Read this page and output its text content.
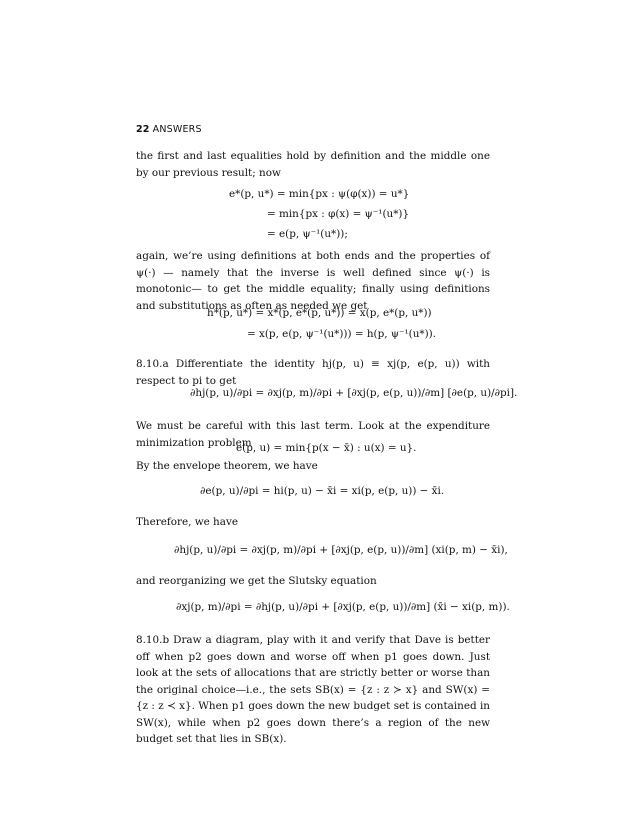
22 ANSWERS
the first and last equalities hold by definition and the middle one by our previous result; now
e*(p, u*) = min{px : ψ(φ(x)) = u*}
= min{px : φ(x) = ψ⁻¹(u*)}
= e(p, ψ⁻¹(u*));
again, we’re using definitions at both ends and the properties of ψ(·) — namely that the inverse is well defined since ψ(·) is monotonic— to get the middle equality; finally using definitions and substitutions as often as needed we get
h*(p, u*) = x*(p, e*(p, u*)) = x(p, e*(p, u*))
= x(p, e(p, ψ⁻¹(u*))) = h(p, ψ⁻¹(u*)).
8.10.a Differentiate the identity hj(p, u) ≡ xj(p, e(p, u)) with respect to pi to get
∂hj(p, u)/∂pi = ∂xj(p, m)/∂pi + [∂xj(p, e(p, u))/∂m] [∂e(p, u)/∂pi].
We must be careful with this last term. Look at the expenditure minimization problem
e(p, u) = min{p(x − x̄) : u(x) = u}.
By the envelope theorem, we have
∂e(p, u)/∂pi = hi(p, u) − x̄i = xi(p, e(p, u)) − x̄i.
Therefore, we have
∂hj(p, u)/∂pi = ∂xj(p, m)/∂pi + [∂xj(p, e(p, u))/∂m] (xi(p, m) − x̄i),
and reorganizing we get the Slutsky equation
∂xj(p, m)/∂pi = ∂hj(p, u)/∂pi + [∂xj(p, e(p, u))/∂m] (x̄i − xi(p, m)).
8.10.b Draw a diagram, play with it and verify that Dave is better off when p2 goes down and worse off when p1 goes down. Just look at the sets of allocations that are strictly better or worse than the original choice—i.e., the sets SB(x) = {z : z ≻ x} and SW(x) = {z : z ≺ x}. When p1 goes down the new budget set is contained in SW(x), while when p2 goes down there’s a region of the new budget set that lies in SB(x).
